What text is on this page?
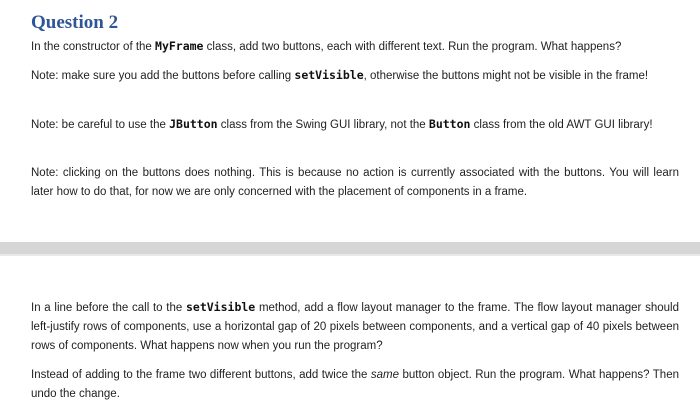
Question 2

In the constructor of the MyFrame class, add two buttons, each with different text. Run the program. What happens?

Note: make sure you add the buttons before calling setVisible, otherwise the buttons might not be visible in the frame!

Note: be careful to use the JButton class from the Swing GUI library, not the Button class from the old AWT GUI library!

Note: clicking on the buttons does nothing. This is because no action is currently associated with the buttons. You will learn later how to do that, for now we are only concerned with the placement of components in a frame.

In a line before the call to the setVisible method, add a flow layout manager to the frame. The flow layout manager should left-justify rows of components, use a horizontal gap of 20 pixels between components, and a vertical gap of 40 pixels between rows of components. What happens now when you run the program?

Instead of adding to the frame two different buttons, add twice the same button object. Run the program. What happens? Then undo the change.
